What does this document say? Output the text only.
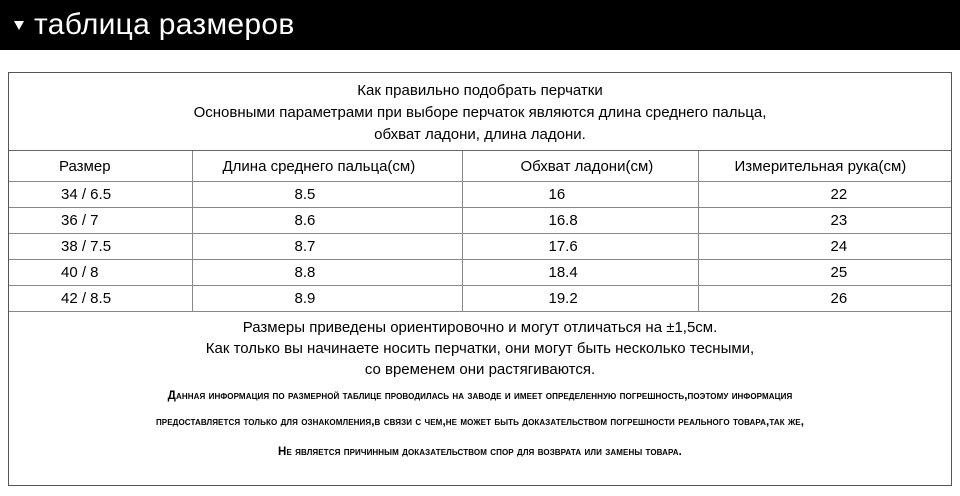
таблица размеров
Как правильно подобрать перчатки
Основными параметрами при выборе перчаток являются длина среднего пальца,
обхват ладони, длина ладони.
Размер	Длина среднего пальца(см)	Обхват ладони(см)	Измерительная рука(см)
34 / 6.5	8.5	16	22
36 / 7	8.6	16.8	23
38 / 7.5	8.7	17.6	24
40 / 8	8.8	18.4	25
42 / 8.5	8.9	19.2	26
Размеры приведены ориентировочно и могут отличаться на ±1,5см.
Как только вы начинаете носить перчатки, они могут быть несколько тесными,
со временем они растягиваются.
Данная информация по размерной таблице проводилась на заводе и имеет определенную погрешность,поэтому информация
предоставляется только для ознакомления,в связи с чем,не может быть доказательством погрешности реального товара,так же,
Не является причинным доказательством спор для возврата или замены товара.
